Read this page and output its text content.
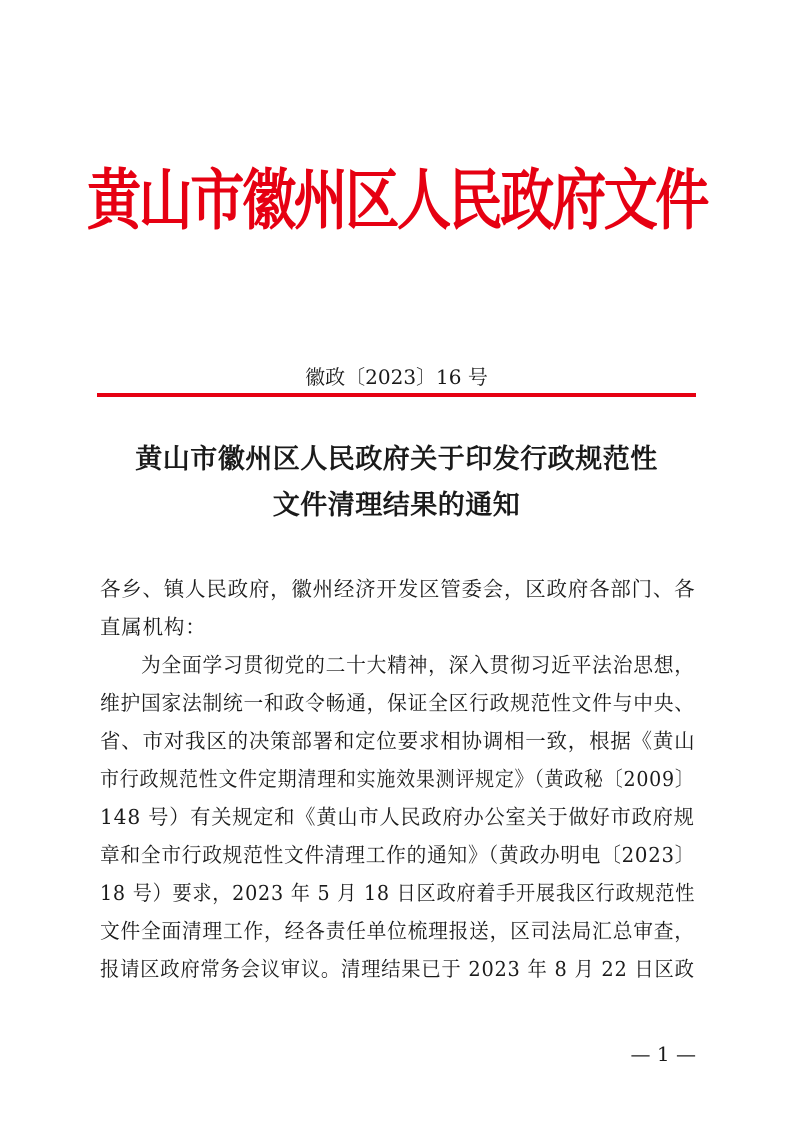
黄山市徽州区人民政府文件
徽政〔2023〕16 号
黄山市徽州区人民政府关于印发行政规范性
文件清理结果的通知
各乡、镇人民政府，徽州经济开发区管委会，区政府各部门、各
直属机构：
　　为全面学习贯彻党的二十大精神，深入贯彻习近平法治思想，
维护国家法制统一和政令畅通，保证全区行政规范性文件与中央、
省、市对我区的决策部署和定位要求相协调相一致，根据《黄山
市行政规范性文件定期清理和实施效果测评规定》（黄政秘〔2009〕
148 号）有关规定和《黄山市人民政府办公室关于做好市政府规
章和全市行政规范性文件清理工作的通知》（黄政办明电〔2023〕
18 号）要求，2023 年 5 月 18 日区政府着手开展我区行政规范性
文件全面清理工作，经各责任单位梳理报送，区司法局汇总审查，
报请区政府常务会议审议。清理结果已于 2023 年 8 月 22 日区政
— 1 —
